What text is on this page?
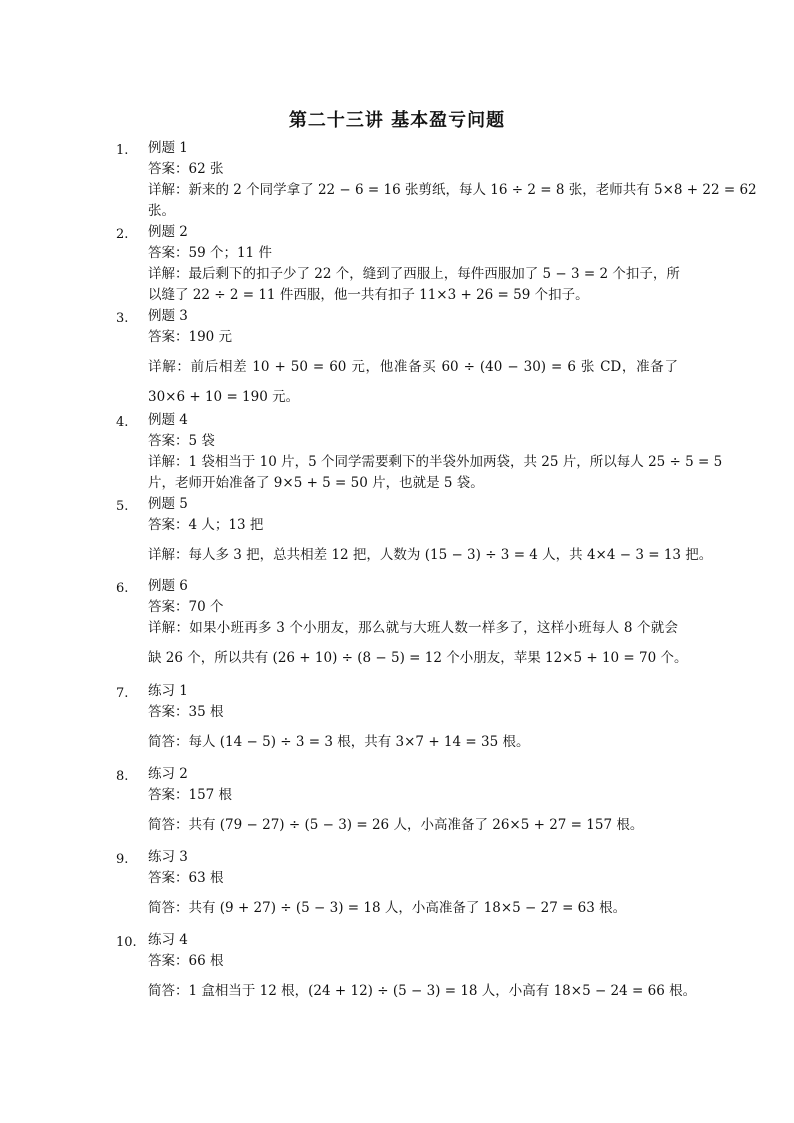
第二十三讲 基本盈亏问题
1.	例题 1
答案：62 张
详解：新来的 2 个同学拿了 22 − 6 = 16 张剪纸，每人 16 ÷ 2 = 8 张，老师共有 5×8 + 22 = 62
张。
2.	例题 2
答案：59 个；11 件
详解：最后剩下的扣子少了 22 个，缝到了西服上，每件西服加了 5 − 3 = 2 个扣子，所
以缝了 22 ÷ 2 = 11 件西服，他一共有扣子 11×3 + 26 = 59 个扣子。
3.	例题 3
答案：190 元
详解：前后相差 10 + 50 = 60 元，他准备买 60 ÷ (40 − 30) = 6 张 CD，准备了
30×6 + 10 = 190 元。
4.	例题 4
答案：5 袋
详解：1 袋相当于 10 片，5 个同学需要剩下的半袋外加两袋，共 25 片，所以每人 25 ÷ 5 = 5
片，老师开始准备了 9×5 + 5 = 50 片，也就是 5 袋。
5.	例题 5
答案：4 人；13 把
详解：每人多 3 把，总共相差 12 把，人数为 (15 − 3) ÷ 3 = 4 人，共 4×4 − 3 = 13 把。
6.	例题 6
答案：70 个
详解：如果小班再多 3 个小朋友，那么就与大班人数一样多了，这样小班每人 8 个就会
缺 26 个，所以共有 (26 + 10) ÷ (8 − 5) = 12 个小朋友，苹果 12×5 + 10 = 70 个。
7.	练习 1
答案：35 根
简答：每人 (14 − 5) ÷ 3 = 3 根，共有 3×7 + 14 = 35 根。
8.	练习 2
答案：157 根
简答：共有 (79 − 27) ÷ (5 − 3) = 26 人，小高准备了 26×5 + 27 = 157 根。
9.	练习 3
答案：63 根
简答：共有 (9 + 27) ÷ (5 − 3) = 18 人，小高准备了 18×5 − 27 = 63 根。
10. 练习 4
答案：66 根
简答：1 盒相当于 12 根，(24 + 12) ÷ (5 − 3) = 18 人，小高有 18×5 − 24 = 66 根。
